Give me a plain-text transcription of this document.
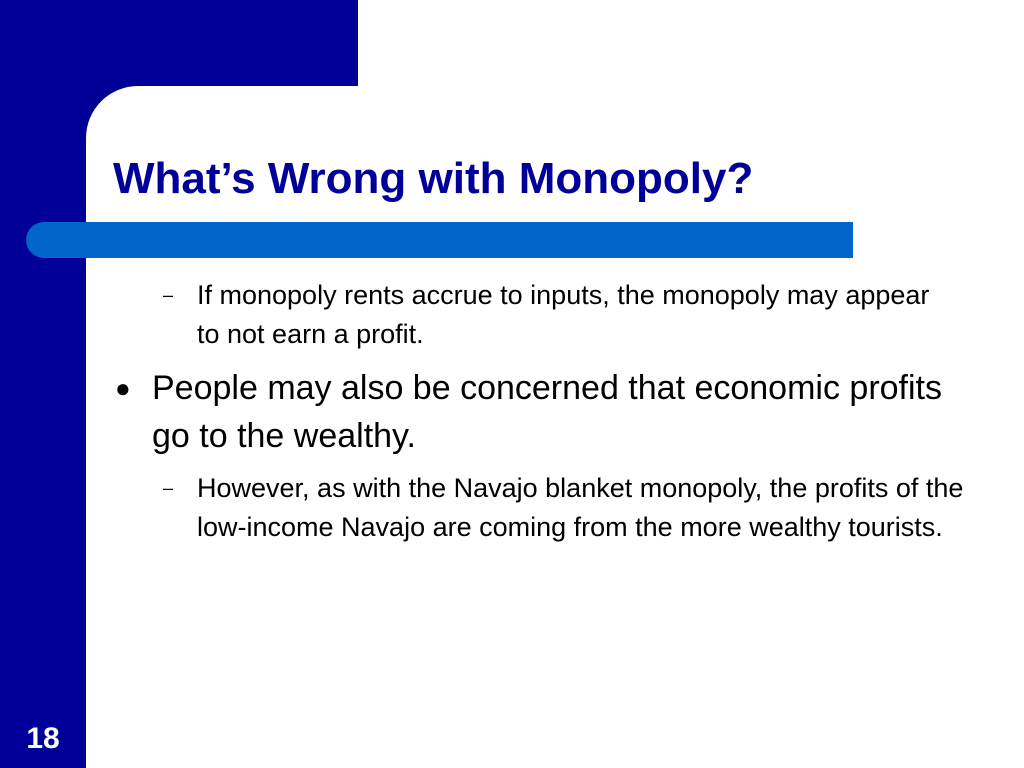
What’s Wrong with Monopoly?
– If monopoly rents accrue to inputs, the monopoly may appear to not earn a profit.
● People may also be concerned that economic profits go to the wealthy.
– However, as with the Navajo blanket monopoly, the profits of the low-income Navajo are coming from the more wealthy tourists.
18
